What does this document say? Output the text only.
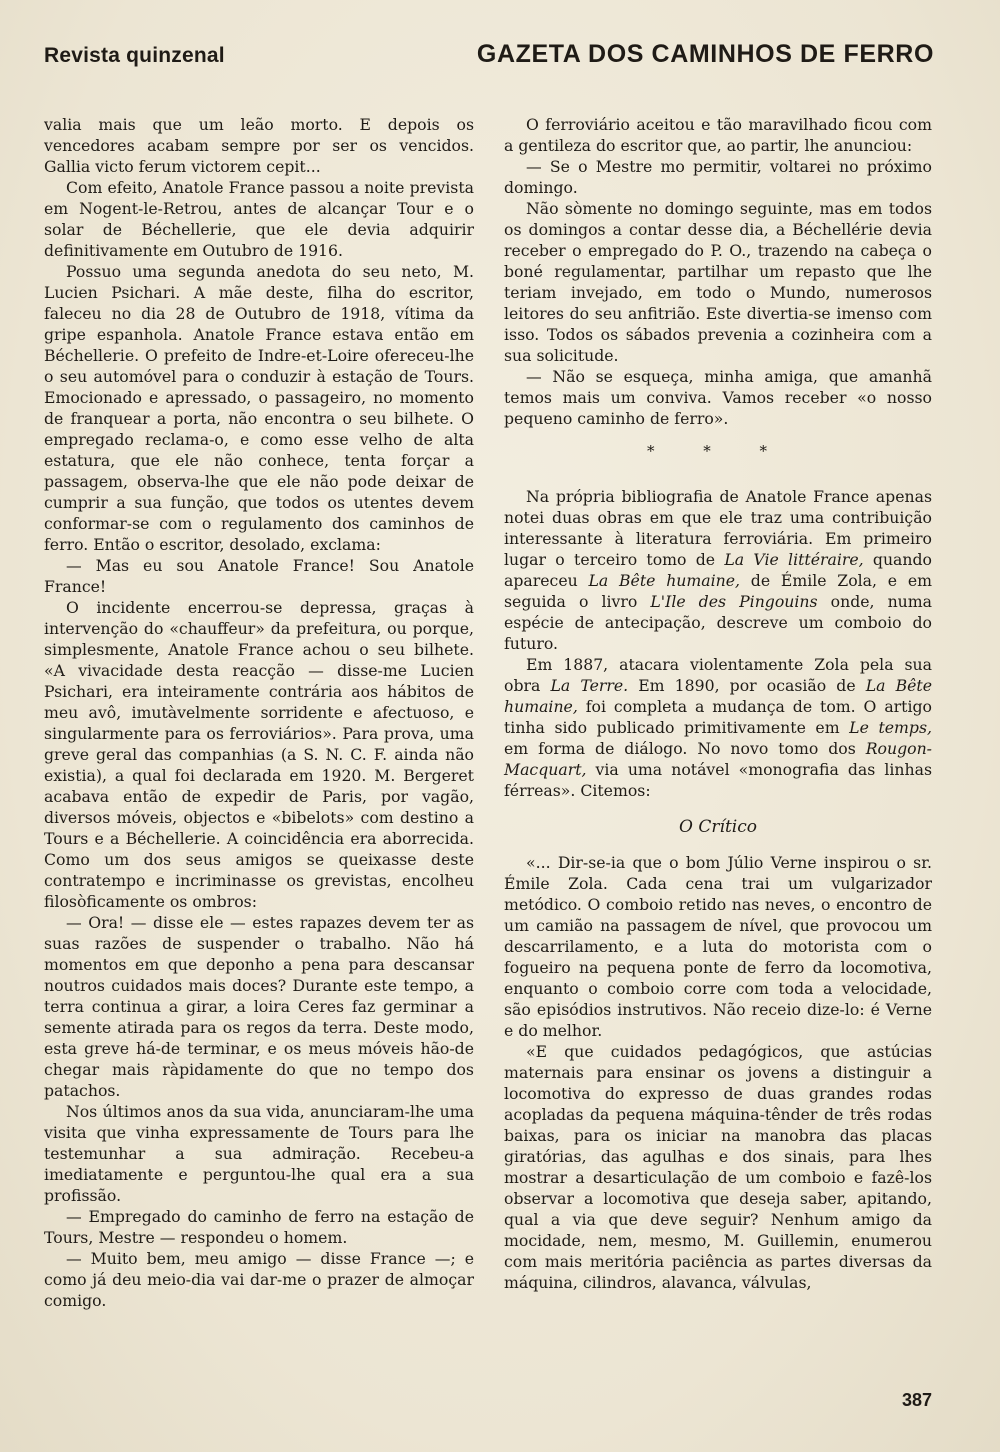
Revista quinzenal	GAZETA DOS CAMINHOS DE FERRO

valia mais que um leão morto. E depois os vencedores acabam sempre por ser os vencidos. Gallia victo ferum victorem cepit...

Com efeito, Anatole France passou a noite prevista em Nogent-le-Retrou, antes de alcançar Tour e o solar de Béchellerie, que ele devia adquirir definitivamente em Outubro de 1916.

Possuo uma segunda anedota do seu neto, M. Lucien Psichari. A mãe deste, filha do escritor, faleceu no dia 28 de Outubro de 1918, vítima da gripe espanhola. Anatole France estava então em Béchellerie. O prefeito de Indre-et-Loire ofereceu-lhe o seu automóvel para o conduzir à estação de Tours. Emocionado e apressado, o passageiro, no momento de franquear a porta, não encontra o seu bilhete. O empregado reclama-o, e como esse velho de alta estatura, que ele não conhece, tenta forçar a passagem, observa-lhe que ele não pode deixar de cumprir a sua função, que todos os utentes devem conformar-se com o regulamento dos caminhos de ferro. Então o escritor, desolado, exclama:

— Mas eu sou Anatole France! Sou Anatole France!

O incidente encerrou-se depressa, graças à intervenção do «chauffeur» da prefeitura, ou porque, simplesmente, Anatole France achou o seu bilhete. «A vivacidade desta reacção — disse-me Lucien Psichari, era inteiramente contrária aos hábitos de meu avô, imutàvelmente sorridente e afectuoso, e singularmente para os ferroviários». Para prova, uma greve geral das companhias (a S. N. C. F. ainda não existia), a qual foi declarada em 1920. M. Bergeret acabava então de expedir de Paris, por vagão, diversos móveis, objectos e «bibelots» com destino a Tours e a Béchellerie. A coincidência era aborrecida. Como um dos seus amigos se queixasse deste contratempo e incriminasse os grevistas, encolheu filosòficamente os ombros:

— Ora! — disse ele — estes rapazes devem ter as suas razões de suspender o trabalho. Não há momentos em que deponho a pena para descansar noutros cuidados mais doces? Durante este tempo, a terra continua a girar, a loira Ceres faz germinar a semente atirada para os regos da terra. Deste modo, esta greve há-de terminar, e os meus móveis hão-de chegar mais ràpidamente do que no tempo dos patachos.

Nos últimos anos da sua vida, anunciaram-lhe uma visita que vinha expressamente de Tours para lhe testemunhar a sua admiração. Recebeu-a imediatamente e perguntou-lhe qual era a sua profissão.

— Empregado do caminho de ferro na estação de Tours, Mestre — respondeu o homem.

— Muito bem, meu amigo — disse France —; e como já deu meio-dia vai dar-me o prazer de almoçar comigo.

O ferroviário aceitou e tão maravilhado ficou com a gentileza do escritor que, ao partir, lhe anunciou:

— Se o Mestre mo permitir, voltarei no próximo domingo.

Não sòmente no domingo seguinte, mas em todos os domingos a contar desse dia, a Béchellérie devia receber o empregado do P. O., trazendo na cabeça o boné regulamentar, partilhar um repasto que lhe teriam invejado, em todo o Mundo, numerosos leitores do seu anfitrião. Este divertia-se imenso com isso. Todos os sábados prevenia a cozinheira com a sua solicitude.

— Não se esqueça, minha amiga, que amanhã temos mais um conviva. Vamos receber «o nosso pequeno caminho de ferro».

* * *

Na própria bibliografia de Anatole France apenas notei duas obras em que ele traz uma contribuição interessante à literatura ferroviária. Em primeiro lugar o terceiro tomo de La Vie littéraire, quando apareceu La Bête humaine, de Émile Zola, e em seguida o livro L'Ile des Pingouins onde, numa espécie de antecipação, descreve um comboio do futuro.

Em 1887, atacara violentamente Zola pela sua obra La Terre. Em 1890, por ocasião de La Bête humaine, foi completa a mudança de tom. O artigo tinha sido publicado primitivamente em Le temps, em forma de diálogo. No novo tomo dos Rougon-Macquart, via uma notável «monografia das linhas férreas». Citemos:

O Crítico

«... Dir-se-ia que o bom Júlio Verne inspirou o sr. Émile Zola. Cada cena trai um vulgarizador metódico. O comboio retido nas neves, o encontro de um camião na passagem de nível, que provocou um descarrilamento, e a luta do motorista com o fogueiro na pequena ponte de ferro da locomotiva, enquanto o comboio corre com toda a velocidade, são episódios instrutivos. Não receio dize-lo: é Verne e do melhor.

«E que cuidados pedagógicos, que astúcias maternais para ensinar os jovens a distinguir a locomotiva do expresso de duas grandes rodas acopladas da pequena máquina-tênder de três rodas baixas, para os iniciar na manobra das placas giratórias, das agulhas e dos sinais, para lhes mostrar a desarticulação de um comboio e fazê-los observar a locomotiva que deseja saber, apitando, qual a via que deve seguir? Nenhum amigo da mocidade, nem, mesmo, M. Guillemin, enumerou com mais meritória paciência as partes diversas da máquina, cilindros, alavanca, válvulas,

387
